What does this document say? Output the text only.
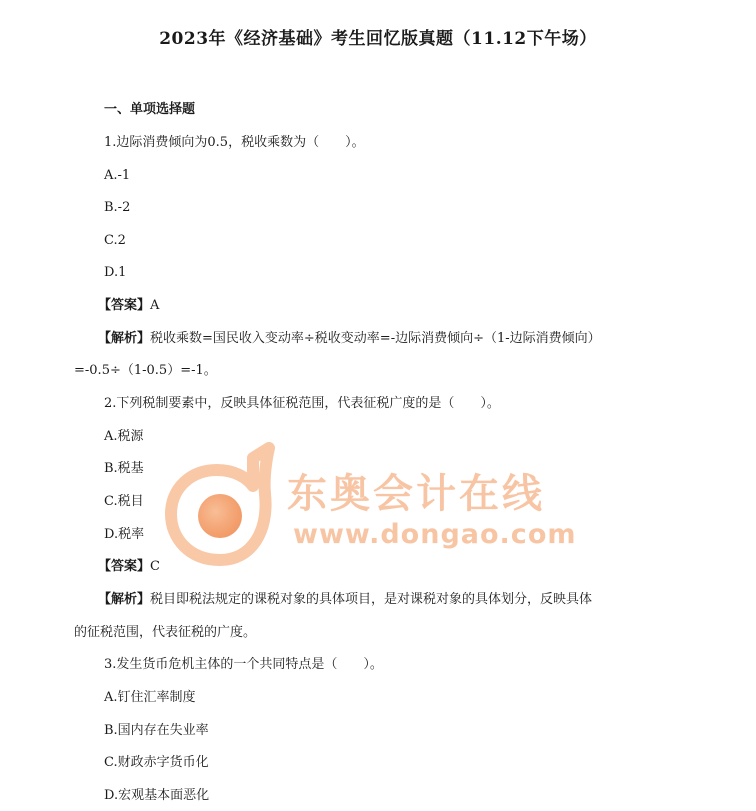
2023年《经济基础》考生回忆版真题（11.12下午场）
一、单项选择题
1.边际消费倾向为0.5，税收乘数为（　　）。
A.-1
B.-2
C.2
D.1
【答案】A
【解析】税收乘数=国民收入变动率÷税收变动率=-边际消费倾向÷（1-边际消费倾向）
=-0.5÷（1-0.5）=-1。
2.下列税制要素中，反映具体征税范围，代表征税广度的是（　　）。
A.税源
B.税基
C.税目
D.税率
【答案】C
【解析】税目即税法规定的课税对象的具体项目，是对课税对象的具体划分，反映具体
的征税范围，代表征税的广度。
3.发生货币危机主体的一个共同特点是（　　）。
A.钉住汇率制度
B.国内存在失业率
C.财政赤字货币化
D.宏观基本面恶化
东奥会计在线
www.dongao.com
